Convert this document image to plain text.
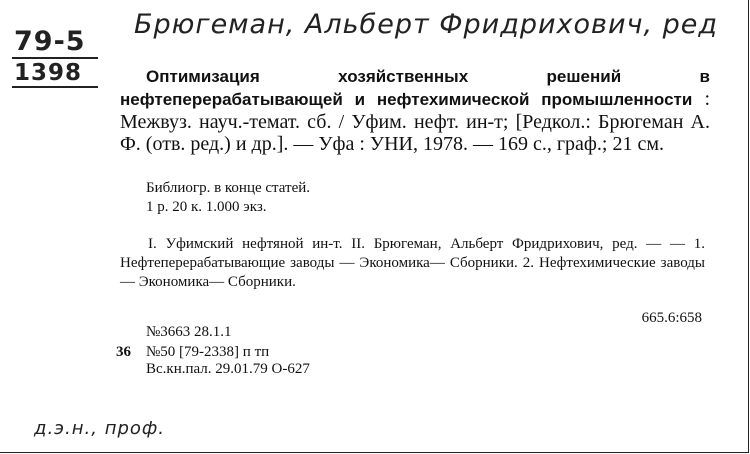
79-5
1398
Брюгеман, Альберт Фридрихович, ред
Оптимизация хозяйственных решений в нефтеперерабатывающей и нефтехимической промышленности : Межвуз. науч.-темат. сб. / Уфим. нефт. ин-т; [Редкол.: Брюгеман А. Ф. (отв. ред.) и др.]. — Уфа : УНИ, 1978. — 169 с., граф.; 21 см.
Библиогр. в конце статей.
1 р. 20 к. 1.000 экз.
I. Уфимский нефтяной ин-т. II. Брюгеман, Альберт Фридрихович, ред. — — 1. Нефтеперерабатывающие заводы — Экономика— Сборники. 2. Нефтехимические заводы — Экономика— Сборники.
665.6:658
№3663 28.1.1
36 №50 [79-2338] п тп
Вс.кн.пал. 29.01.79 О-627
д.э.н., проф.
